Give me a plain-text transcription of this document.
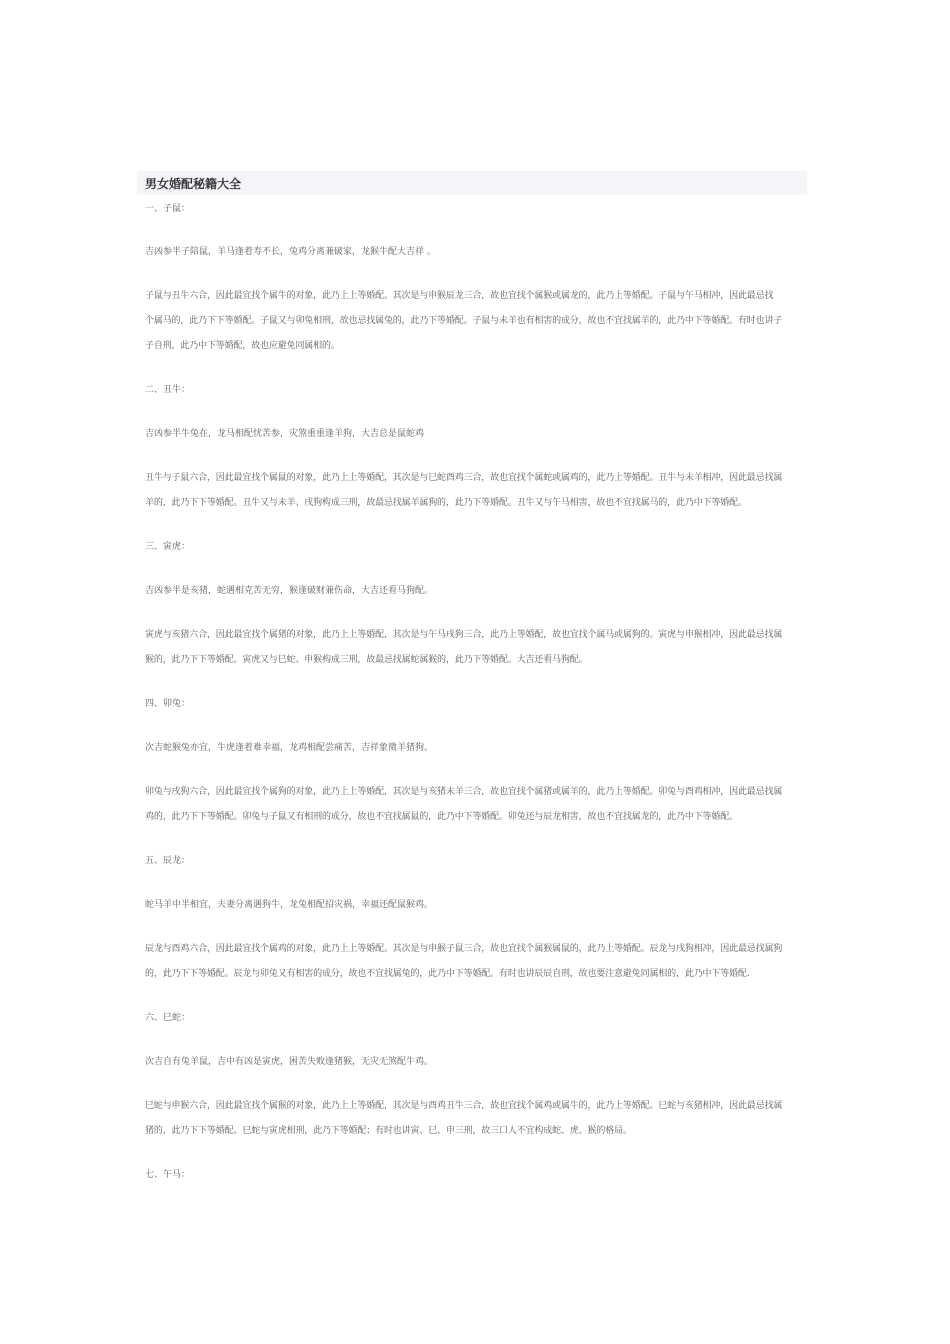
男女婚配秘籍大全
一、子鼠：
吉凶参半子陪鼠，羊马逢着寿不长，兔鸡分离兼破家，龙猴牛配大吉祥 。
子鼠与丑牛六合，因此最宜找个属牛的对象，此乃上上等婚配。其次是与申猴辰龙三合，故也宜找个属猴或属龙的，此乃上等婚配。子鼠与午马相冲，因此最忌找
个属马的，此乃下下等婚配。子鼠又与卯兔相刑，故也忌找属兔的，此乃下等婚配。子鼠与未羊也有相害的成分，故也不宜找属羊的，此乃中下等婚配。有时也讲子
子自刑，此乃中下等婚配，故也应避免同属相的。
二、丑牛：
吉凶参半牛兔在，龙马相配忧苦参，灾煞重重逢羊狗，大吉总是鼠蛇鸡
丑牛与子鼠六合，因此最宜找个属鼠的对象，此乃上上等婚配，其次是与巳蛇酉鸡三合，故也宜找个属蛇或属鸡的，此乃上等婚配。丑牛与未羊相冲，因此最忌找属
羊的，此乃下下等婚配。丑牛又与未羊、戌狗构成三刑，故最忌找属羊属狗的，此乃下等婚配。丑牛又与午马相害，故也不宜找属马的，此乃中下等婚配。
三、寅虎：
吉凶参半是亥猪，蛇遇相克苦无穷，猴逢破财兼伤命，大吉还看马狗配。
寅虎与亥猪六合，因此最宜找个属猪的对象，此乃上上等婚配，其次是与午马戌狗三合，此乃上等婚配，故也宜找个属马或属狗的。寅虎与申猴相冲，因此最忌找属
猴的，此乃下下等婚配。寅虎又与巳蛇、申猴构成三刑，故最忌找属蛇属猴的，此乃下等婚配。大吉还看马狗配。
四、卯兔：
次吉蛇猴兔亦宜，牛虎逢着难幸福，龙鸡相配尝痛苦，吉祥象微羊猪狗。
卯兔与戌狗六合，因此最宜找个属狗的对象，此乃上上等婚配，其次是与亥猪未羊三合，故也宜找个属猪或属羊的，此乃上等婚配。卯兔与酉鸡相冲，因此最忌找属
鸡的，此乃下下等婚配。卯兔与子鼠又有相刑的成分，故也不宜找属鼠的，此乃中下等婚配。卯兔还与辰龙相害，故也不宜找属龙的，此乃中下等婚配。
五、辰龙：
蛇马羊中半相宜，夫妻分离遇狗牛，龙兔相配招灾祸，幸福还配鼠猴鸡。
辰龙与酉鸡六合，因此最宜找个属鸡的对象，此乃上上等婚配。其次是与申猴子鼠三合，故也宜找个属猴属鼠的，此乃上等婚配。辰龙与戌狗相冲，因此最忌找属狗
的，此乃下下等婚配。辰龙与卯兔又有相害的成分，故也不宜找属兔的，此乃中下等婚配。有时也讲辰辰自刑，故也要注意避免同属相的，此乃中下等婚配.
六、巳蛇：
次吉自有兔羊鼠，吉中有凶是寅虎，困苦失败逢猪猴，无灾无煞配牛鸡。
巳蛇与申猴六合，因此最宜找个属猴的对象，此乃上上等婚配，其次是与酉鸡丑牛三合，故也宜找个属鸡或属牛的，此乃上等婚配。巳蛇与亥猪相冲，因此最忌找属
猪的，此乃下下等婚配。巳蛇与寅虎相刑，此乃下等婚配；有时也讲寅、巳、申三刑，故三口人不宜构成蛇、虎、猴的格局。
七、午马：
